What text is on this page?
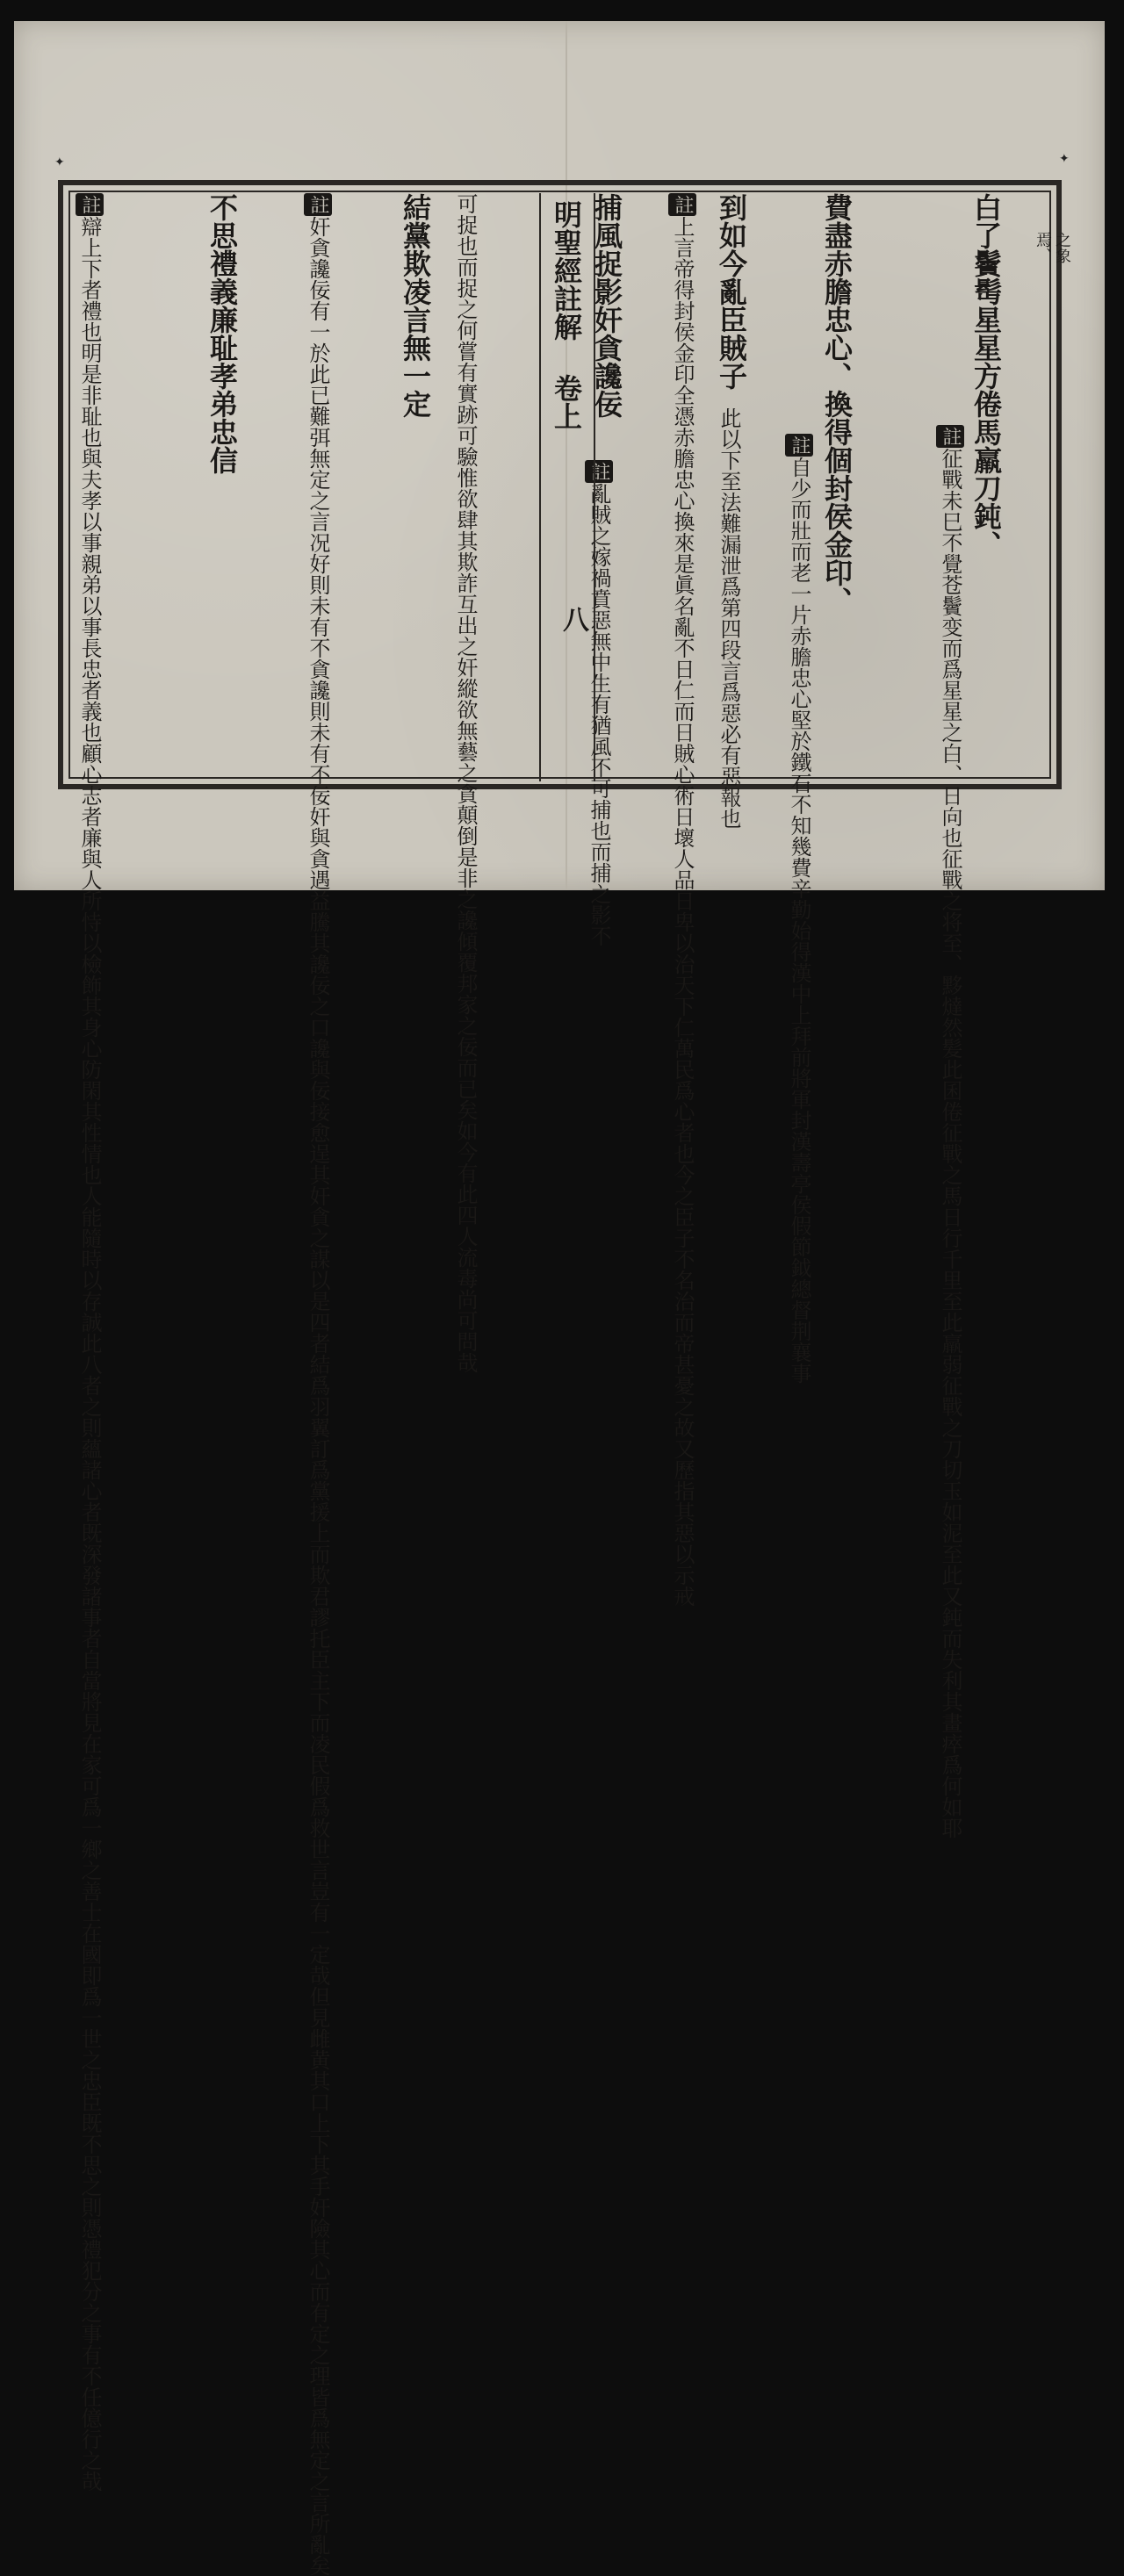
✦	✦
之象
焉、
白了鬢髩星星方倦馬羸刀鈍、
註征戰未巳不覺苍鬢变而爲星星之白、日向也征戰之将至、黟燵然髪此囷倦征戰之馬日行千里至此羸弱征戰之刀切玉如泥至此又鈍而失利其畫瘁爲何如耶
費盡赤膽忠心、換得個封侯金印、
註自少而壯而老一片赤膽忠心堅於鐵石不知幾費辛勤始得漢中上拜前將軍封漢壽亭侯假節鉞總督荆襄事
到如今亂臣賊子
此以下至法難漏泄爲第四段言爲惡必有惡報也
註上言帝得封侯金印全憑赤膽忠心換來是眞名亂不日仁而日賊心術日壞人品日卑以治天下仁萬民爲心者也今之臣子不名治而帝甚憂之故又歷指其惡以示戒
捕風捉影奸貪讒佞
註亂賊之嫁禍賁惡無中生有猶風不可捕也而捕之影不
明聖經註解 卷上
八
可捉也而捉之何嘗有實跡可驗惟欲肆其欺詐互出之奸縱欲無藝之貪顛倒是非之讒傾覆邦家之佞而已矣如今有此四人流毒尚可問哉
結黨欺凌言無一定
註奸貪讒佞有一於此已難弭無定之言况好則未有不貪讒則未有不佞奸與貪遇益騰其讒佞之口讒與佞接愈逞其奸貪之謀以是四者結爲羽翼訂爲黨援上而欺君謬托臣主下而凌民假爲救世言豈有一定哉但見雌黄其口上下其手奸險其心而有定之理皆爲無定之言所亂矣
不思禮義廉耻孝弟忠信
註辯上下者禮也明是非耻也與夫孝以事親弟以事長忠者義也顧心志者廉與人所恃以檢飾其身心防閑其性情也人能隨時以存誠此八者之則蘊諸心者既深發諸事者自當將見在家可爲一鄉之善士在國即爲一世之忠臣既不思之則憑禮犯分之事有不任億行之哉
